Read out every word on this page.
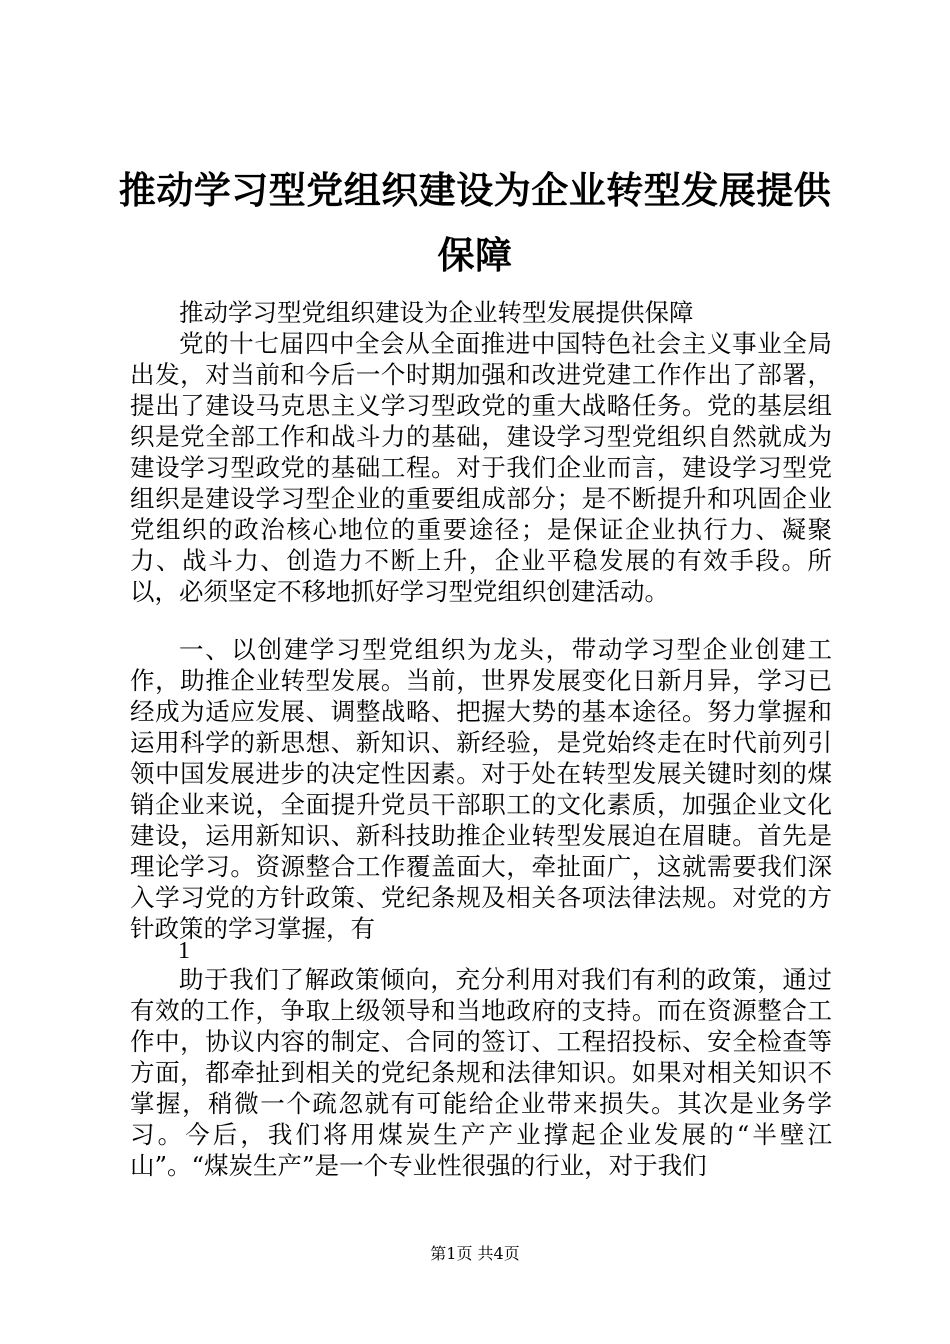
推动学习型党组织建设为企业转型发展提供保障

推动学习型党组织建设为企业转型发展提供保障

党的十七届四中全会从全面推进中国特色社会主义事业全局出发，对当前和今后一个时期加强和改进党建工作作出了部署，提出了建设马克思主义学习型政党的重大战略任务。党的基层组织是党全部工作和战斗力的基础，建设学习型党组织自然就成为建设学习型政党的基础工程。对于我们企业而言，建设学习型党组织是建设学习型企业的重要组成部分；是不断提升和巩固企业党组织的政治核心地位的重要途径；是保证企业执行力、凝聚力、战斗力、创造力不断上升，企业平稳发展的有效手段。所以，必须坚定不移地抓好学习型党组织创建活动。

一、以创建学习型党组织为龙头，带动学习型企业创建工作，助推企业转型发展。当前，世界发展变化日新月异，学习已经成为适应发展、调整战略、把握大势的基本途径。努力掌握和运用科学的新思想、新知识、新经验，是党始终走在时代前列引领中国发展进步的决定性因素。对于处在转型发展关键时刻的煤销企业来说，全面提升党员干部职工的文化素质，加强企业文化建设，运用新知识、新科技助推企业转型发展迫在眉睫。首先是理论学习。资源整合工作覆盖面大，牵扯面广，这就需要我们深入学习党的方针政策、党纪条规及相关各项法律法规。对党的方针政策的学习掌握，有

1

助于我们了解政策倾向，充分利用对我们有利的政策，通过有效的工作，争取上级领导和当地政府的支持。而在资源整合工作中，协议内容的制定、合同的签订、工程招投标、安全检查等方面，都牵扯到相关的党纪条规和法律知识。如果对相关知识不掌握，稍微一个疏忽就有可能给企业带来损失。其次是业务学习。今后，我们将用煤炭生产产业撑起企业发展的“半壁江山”。“煤炭生产”是一个专业性很强的行业，对于我们

第1页 共4页
